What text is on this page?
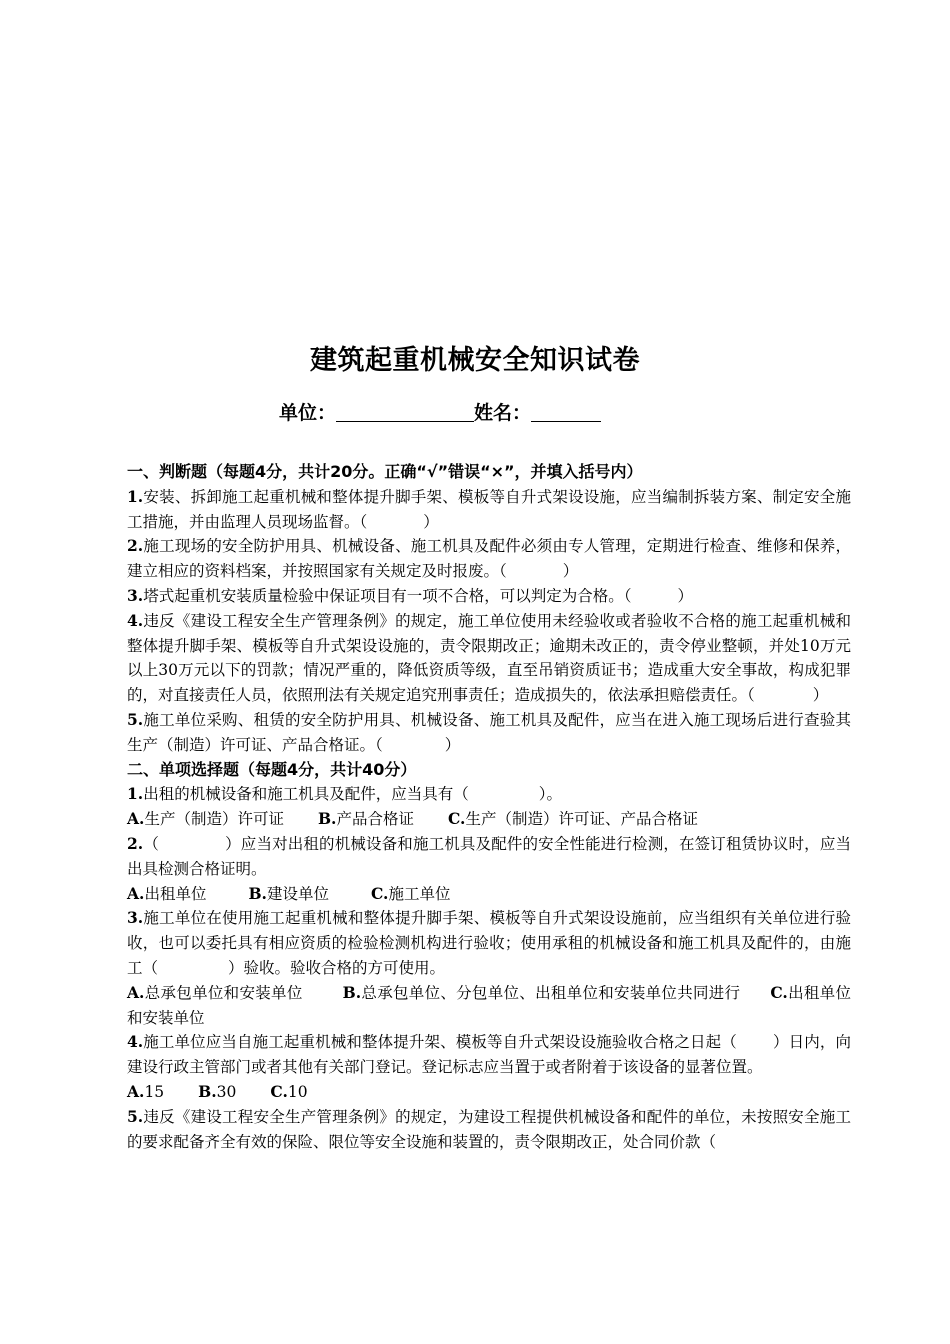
建筑起重机械安全知识试卷
单位：	姓名：

一、判断题（每题4分，共计20分。正确“√”错误“×”，并填入括号内）

1.安装、拆卸施工起重机械和整体提升脚手架、模板等自升式架设设施，应当编制拆装方案、制定安全施工措施，并由监理人员现场监督。（	）

2.施工现场的安全防护用具、机械设备、施工机具及配件必须由专人管理，定期进行检查、维修和保养，建立相应的资料档案，并按照国家有关规定及时报废。（	）

3.塔式起重机安装质量检验中保证项目有一项不合格，可以判定为合格。（	）

4.违反《建设工程安全生产管理条例》的规定，施工单位使用未经验收或者验收不合格的施工起重机械和整体提升脚手架、模板等自升式架设设施的，责令限期改正；逾期未改正的，责令停业整顿，并处10万元以上30万元以下的罚款；情况严重的，降低资质等级，直至吊销资质证书；造成重大安全事故，构成犯罪的，对直接责任人员，依照刑法有关规定追究刑事责任；造成损失的，依法承担赔偿责任。（	）

5.施工单位采购、租赁的安全防护用具、机械设备、施工机具及配件，应当在进入施工现场后进行查验其生产（制造）许可证、产品合格证。（	）

二、单项选择题（每题4分，共计40分）

1.出租的机械设备和施工机具及配件，应当具有（	）。

A.生产（制造）许可证 B.产品合格证 C.生产（制造）许可证、产品合格证

2.（	）应当对出租的机械设备和施工机具及配件的安全性能进行检测，在签订租赁协议时，应当出具检测合格证明。

A.出租单位	B.建设单位	C.施工单位

3.施工单位在使用施工起重机械和整体提升脚手架、模板等自升式架设设施前，应当组织有关单位进行验收，也可以委托具有相应资质的检验检测机构进行验收；使用承租的机械设备和施工机具及配件的，由施工（	）验收。验收合格的方可使用。

A.总承包单位和安装单位	B.总承包单位、分包单位、出租单位和安装单位共同进行 C.出租单位和安装单位

4.施工单位应当自施工起重机械和整体提升架、模板等自升式架设设施验收合格之日起（ ）日内，向建设行政主管部门或者其他有关部门登记。登记标志应当置于或者附着于该设备的显著位置。

A.15 B.30 C.10

5.违反《建设工程安全生产管理条例》的规定，为建设工程提供机械设备和配件的单位，未按照安全施工的要求配备齐全有效的保险、限位等安全设施和装置的，责令限期改正，处合同价款（
